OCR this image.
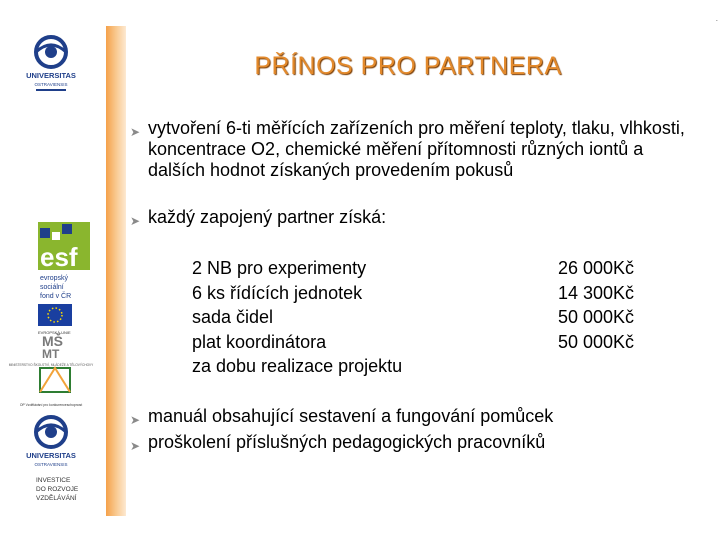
.
UNIVERSITAS
OSTRAVIENSIS
esf
evropský
sociální
fond v ČR
EVROPSKÁ UNIE
MŠ
MT
MINISTERSTVO ŠKOLSTVÍ, MLÁDEŽE A TĚLOVÝCHOVY
OP Vzdělávání pro konkurenceschopnost
UNIVERSITAS
OSTRAVIENSIS
INVESTICE
DO ROZVOJE
VZDĚLÁVÁNÍ
PŘÍNOS PRO PARTNERA
➤ vytvoření 6-ti měřících zařízeních pro měření teploty, tlaku, vlhkosti, koncentrace O2, chemické měření přítomnosti různých iontů a dalších hodnot získaných provedením pokusů
➤ každý zapojený partner získá:
2 NB pro experimenty
6 ks řídících jednotek
sada čidel
plat koordinátora
za dobu realizace projektu
26 000Kč
14 300Kč
50 000Kč
50 000Kč
➤ manuál obsahující sestavení a fungování pomůcek
➤ proškolení příslušných pedagogických pracovníků
